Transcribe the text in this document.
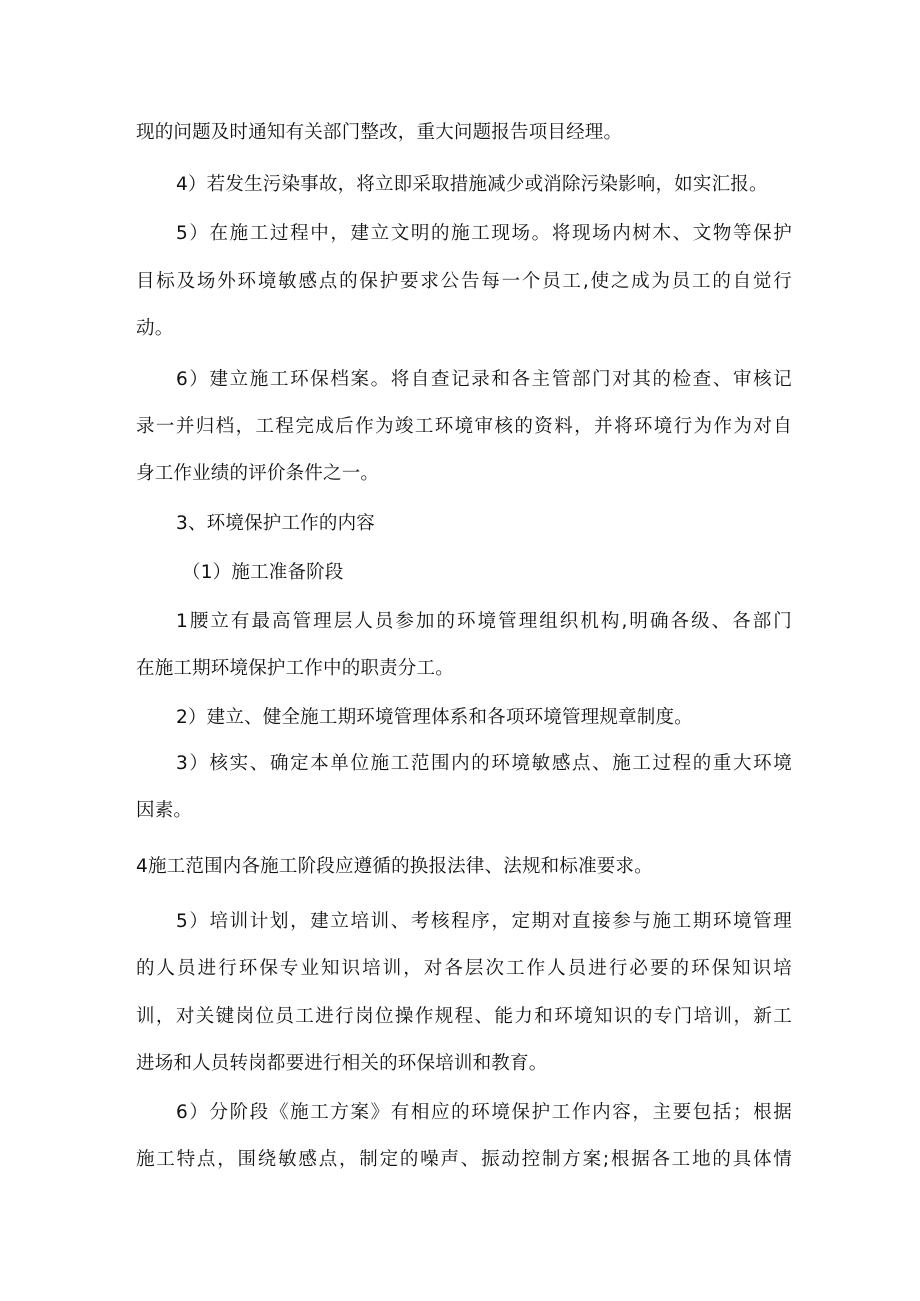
现的问题及时通知有关部门整改，重大问题报告项目经理。
4）若发生污染事故，将立即采取措施减少或消除污染影响，如实汇报。
5）在施工过程中，建立文明的施工现场。将现场内树木、文物等保护
目标及场外环境敏感点的保护要求公告每一个员工,使之成为员工的自觉行
动。
6）建立施工环保档案。将自查记录和各主管部门对其的检查、审核记
录一并归档，工程完成后作为竣工环境审核的资料，并将环境行为作为对自
身工作业绩的评价条件之一。
3、环境保护工作的内容
（1）施工准备阶段
1腰立有最高管理层人员参加的环境管理组织机构,明确各级、各部门
在施工期环境保护工作中的职责分工。
2）建立、健全施工期环境管理体系和各项环境管理规章制度。
3）核实、确定本单位施工范围内的环境敏感点、施工过程的重大环境
因素。
4施工范围内各施工阶段应遵循的换报法律、法规和标准要求。
5）培训计划，建立培训、考核程序，定期对直接参与施工期环境管理
的人员进行环保专业知识培训，对各层次工作人员进行必要的环保知识培
训，对关键岗位员工进行岗位操作规程、能力和环境知识的专门培训，新工
进场和人员转岗都要进行相关的环保培训和教育。
6）分阶段《施工方案》有相应的环境保护工作内容，主要包括；根据
施工特点，围绕敏感点，制定的噪声、振动控制方案;根据各工地的具体情
